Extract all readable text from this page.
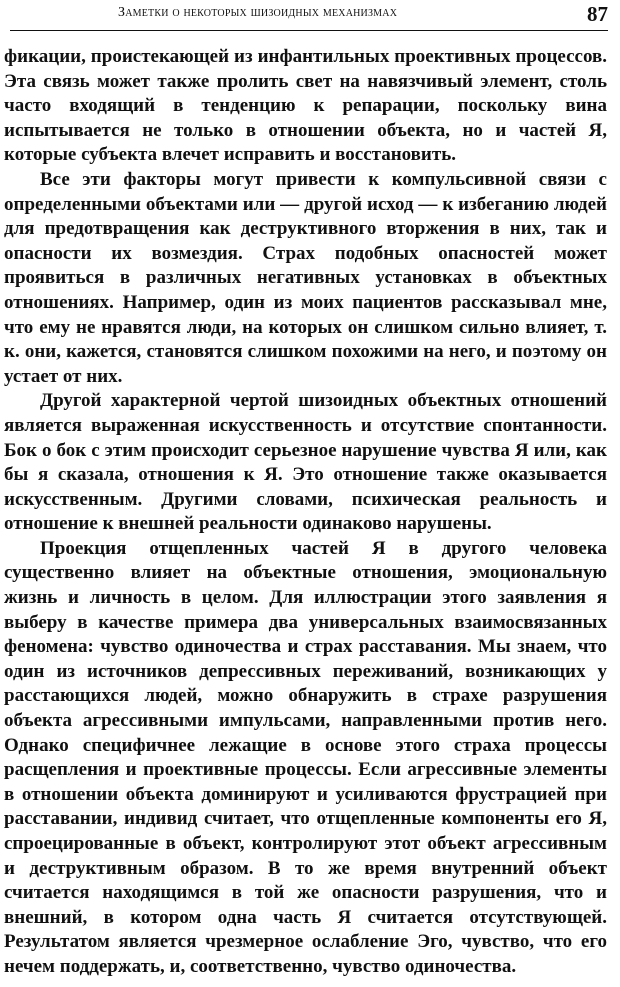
Заметки о некоторых шизоидных механизмах	87

фикации, проистекающей из инфантильных проективных процессов. Эта связь может также пролить свет на навязчивый элемент, столь часто входящий в тенденцию к репарации, поскольку вина испытывается не только в отношении объекта, но и частей Я, которые субъекта влечет исправить и восстановить.

Все эти факторы могут привести к компульсивной связи с определенными объектами или — другой исход — к избеганию людей для предотвращения как деструктивного вторжения в них, так и опасности их возмездия. Страх подобных опасностей может проявиться в различных негативных установках в объектных отношениях. Например, один из моих пациентов рассказывал мне, что ему не нравятся люди, на которых он слишком сильно влияет, т. к. они, кажется, становятся слишком похожими на него, и поэтому он устает от них.

Другой характерной чертой шизоидных объектных отношений является выраженная искусственность и отсутствие спонтанности. Бок о бок с этим происходит серьезное нарушение чувства Я или, как бы я сказала, отношения к Я. Это отношение также оказывается искусственным. Другими словами, психическая реальность и отношение к внешней реальности одинаково нарушены.

Проекция отщепленных частей Я в другого человека существенно влияет на объектные отношения, эмоциональную жизнь и личность в целом. Для иллюстрации этого заявления я выберу в качестве примера два универсальных взаимосвязанных феномена: чувство одиночества и страх расставания. Мы знаем, что один из источников депрессивных переживаний, возникающих у расстающихся людей, можно обнаружить в страхе разрушения объекта агрессивными импульсами, направленными против него. Однако специфичнее лежащие в основе этого страха процессы расщепления и проективные процессы. Если агрессивные элементы в отношении объекта доминируют и усиливаются фрустрацией при расставании, индивид считает, что отщепленные компоненты его Я, спроецированные в объект, контролируют этот объект агрессивным и деструктивным образом. В то же время внутренний объект считается находящимся в той же опасности разрушения, что и внешний, в котором одна часть Я считается отсутствующей. Результатом является чрезмерное ослабление Эго, чувство, что его нечем поддержать, и, соответственно, чувство одиночества.
